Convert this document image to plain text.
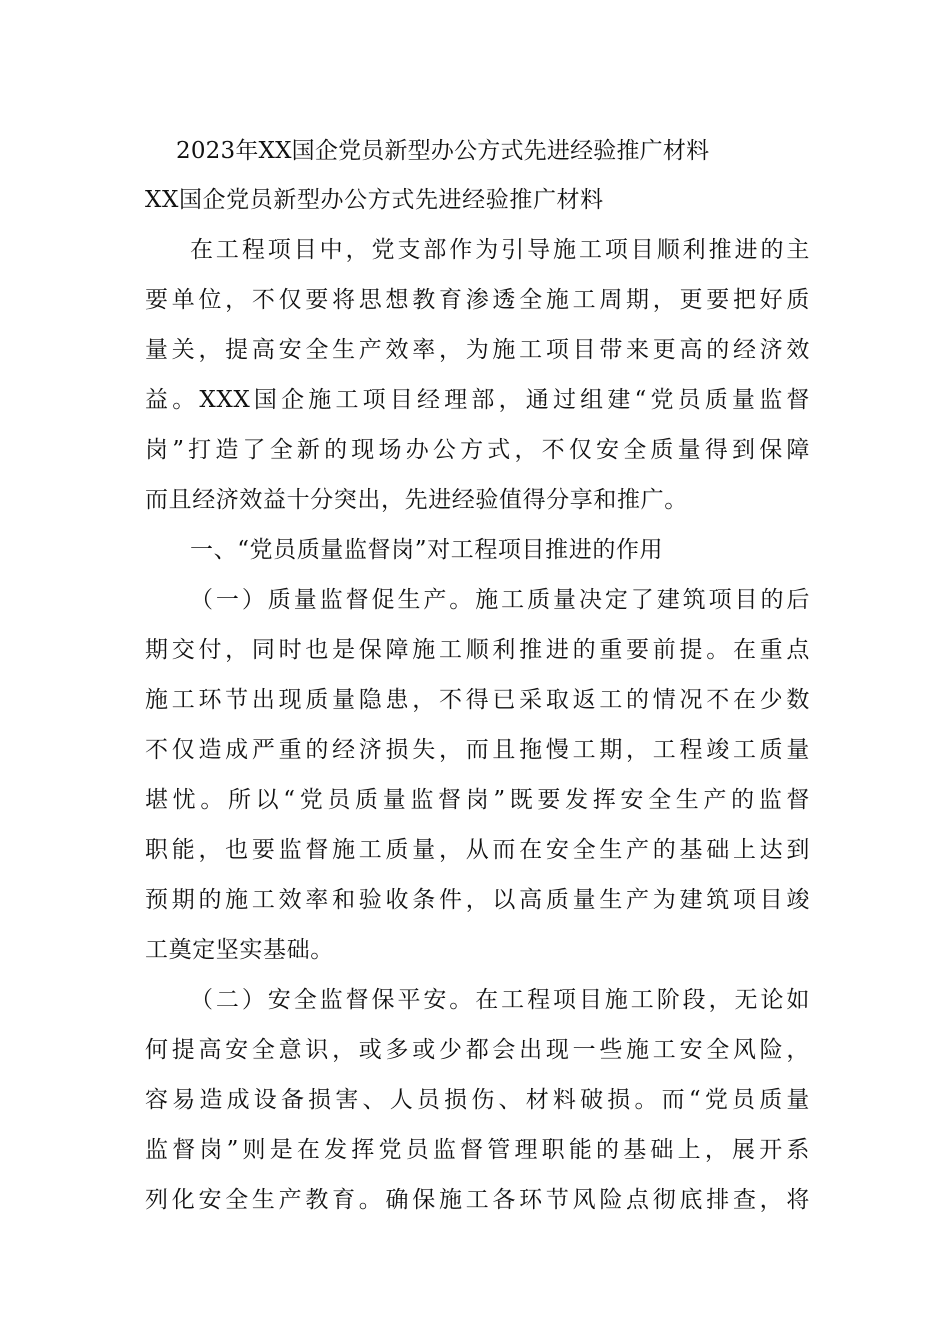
2023年XX国企党员新型办公方式先进经验推广材料
XX国企党员新型办公方式先进经验推广材料
在工程项目中，党支部作为引导施工项目顺利推进的主
要单位，不仅要将思想教育渗透全施工周期，更要把好质
量关，提高安全生产效率，为施工项目带来更高的经济效
益。XXX国企施工项目经理部，通过组建“党员质量监督
岗”打造了全新的现场办公方式，不仅安全质量得到保障
而且经济效益十分突出，先进经验值得分享和推广。
一、“党员质量监督岗”对工程项目推进的作用
（一）质量监督促生产。施工质量决定了建筑项目的后
期交付，同时也是保障施工顺利推进的重要前提。在重点
施工环节出现质量隐患，不得已采取返工的情况不在少数
不仅造成严重的经济损失，而且拖慢工期，工程竣工质量
堪忧。所以“党员质量监督岗”既要发挥安全生产的监督
职能，也要监督施工质量，从而在安全生产的基础上达到
预期的施工效率和验收条件，以高质量生产为建筑项目竣
工奠定坚实基础。
（二）安全监督保平安。在工程项目施工阶段，无论如
何提高安全意识，或多或少都会出现一些施工安全风险，
容易造成设备损害、人员损伤、材料破损。而“党员质量
监督岗”则是在发挥党员监督管理职能的基础上，展开系
列化安全生产教育。确保施工各环节风险点彻底排查，将
